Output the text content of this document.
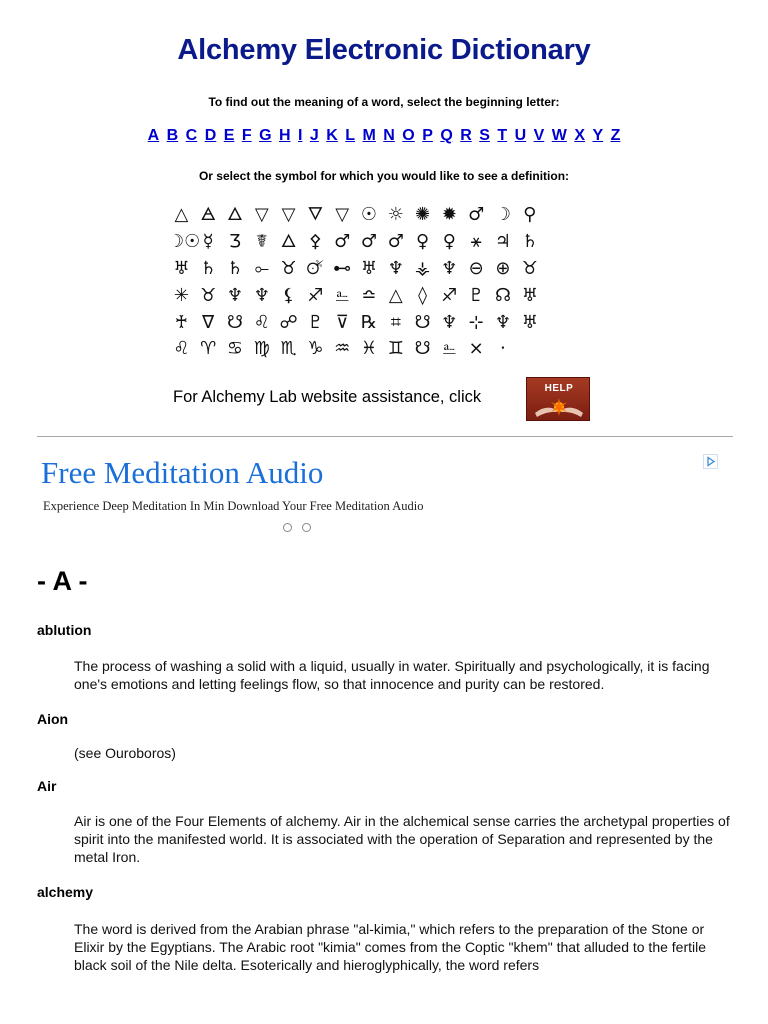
Alchemy Electronic Dictionary
To find out the meaning of a word, select the beginning letter:
A B C D E F G H I J K L M N O P Q R S T U V W X Y Z
Or select the symbol for which you would like to see a definition:
△ 🜁 🜂 ▽ ▽ 🜄 ▽ ☉ ☼ ✺ ✹ ♂ ☽ ⚲
☽☉ ☿ Ʒ ☤ 🜂 ⚴ ♂ ♂ ♂ ♀ ♀ ⚹ ♃ ♄
♅ ♄ ♄ ⟜ ♉ 🜚 ⊷ ♅ ♆ ⚶ ♆ ⊖ ⊕ ♉
✳ ♉ ♆ ♆ ⚸ ♐ ⎁ ≏ △ ◊ ♐ ♇ ☊ ♅
♰ ∇ ☋ ♌ ☍ ♇ ⊽ ℞ ⌗ ☋ ♆ ⊹ ♆ ♅
♌ ♈ ♋ ♍ ♏ ♑ ♒ ♓ ♊ ☋ ⎁ ⨯ ⸱
For Alchemy Lab website assistance, click	HELP
Free Meditation Audio
Experience Deep Meditation In Min Download Your Free Meditation Audio
- A -
ablution
The process of washing a solid with a liquid, usually in water. Spiritually and psychologically, it is facing one's emotions and letting feelings flow, so that innocence and purity can be restored.
Aion
(see Ouroboros)
Air
Air is one of the Four Elements of alchemy. Air in the alchemical sense carries the archetypal properties of spirit into the manifested world. It is associated with the operation of Separation and represented by the metal Iron.
alchemy
The word is derived from the Arabian phrase "al-kimia," which refers to the preparation of the Stone or Elixir by the Egyptians. The Arabic root "kimia" comes from the Coptic "khem" that alluded to the fertile black soil of the Nile delta. Esoterically and hieroglyphically, the word refers
